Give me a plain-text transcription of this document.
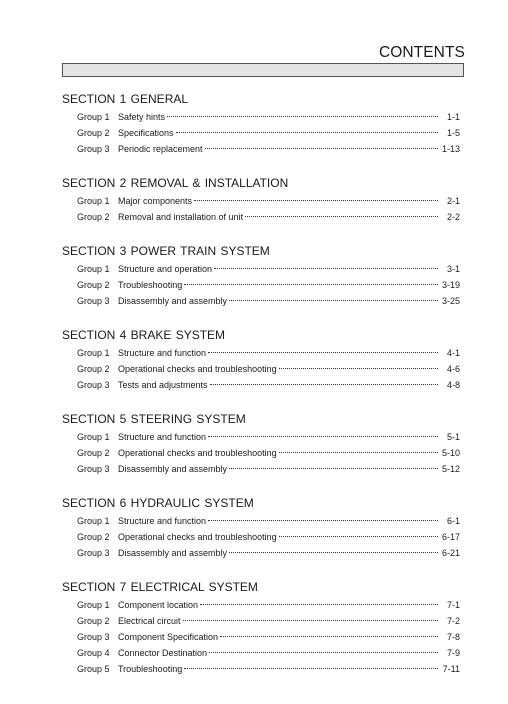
CONTENTS
SECTION 1 GENERAL
Group 1 Safety hints	1-1
Group 2 Specifications	1-5
Group 3 Periodic replacement	1-13
SECTION 2 REMOVAL & INSTALLATION
Group 1 Major components	2-1
Group 2 Removal and installation of unit	2-2
SECTION 3 POWER TRAIN SYSTEM
Group 1 Structure and operation	3-1
Group 2 Troubleshooting	3-19
Group 3 Disassembly and assembly	3-25
SECTION 4 BRAKE SYSTEM
Group 1 Structure and function	4-1
Group 2 Operational checks and troubleshooting	4-6
Group 3 Tests and adjustments	4-8
SECTION 5 STEERING SYSTEM
Group 1 Structure and function	5-1
Group 2 Operational checks and troubleshooting	5-10
Group 3 Disassembly and assembly	5-12
SECTION 6 HYDRAULIC SYSTEM
Group 1 Structure and function	6-1
Group 2 Operational checks and troubleshooting	6-17
Group 3 Disassembly and assembly	6-21
SECTION 7 ELECTRICAL SYSTEM
Group 1 Component location	7-1
Group 2 Electrical circuit	7-2
Group 3 Component Specification	7-8
Group 4 Connector Destination	7-9
Group 5 Troubleshooting	7-11
